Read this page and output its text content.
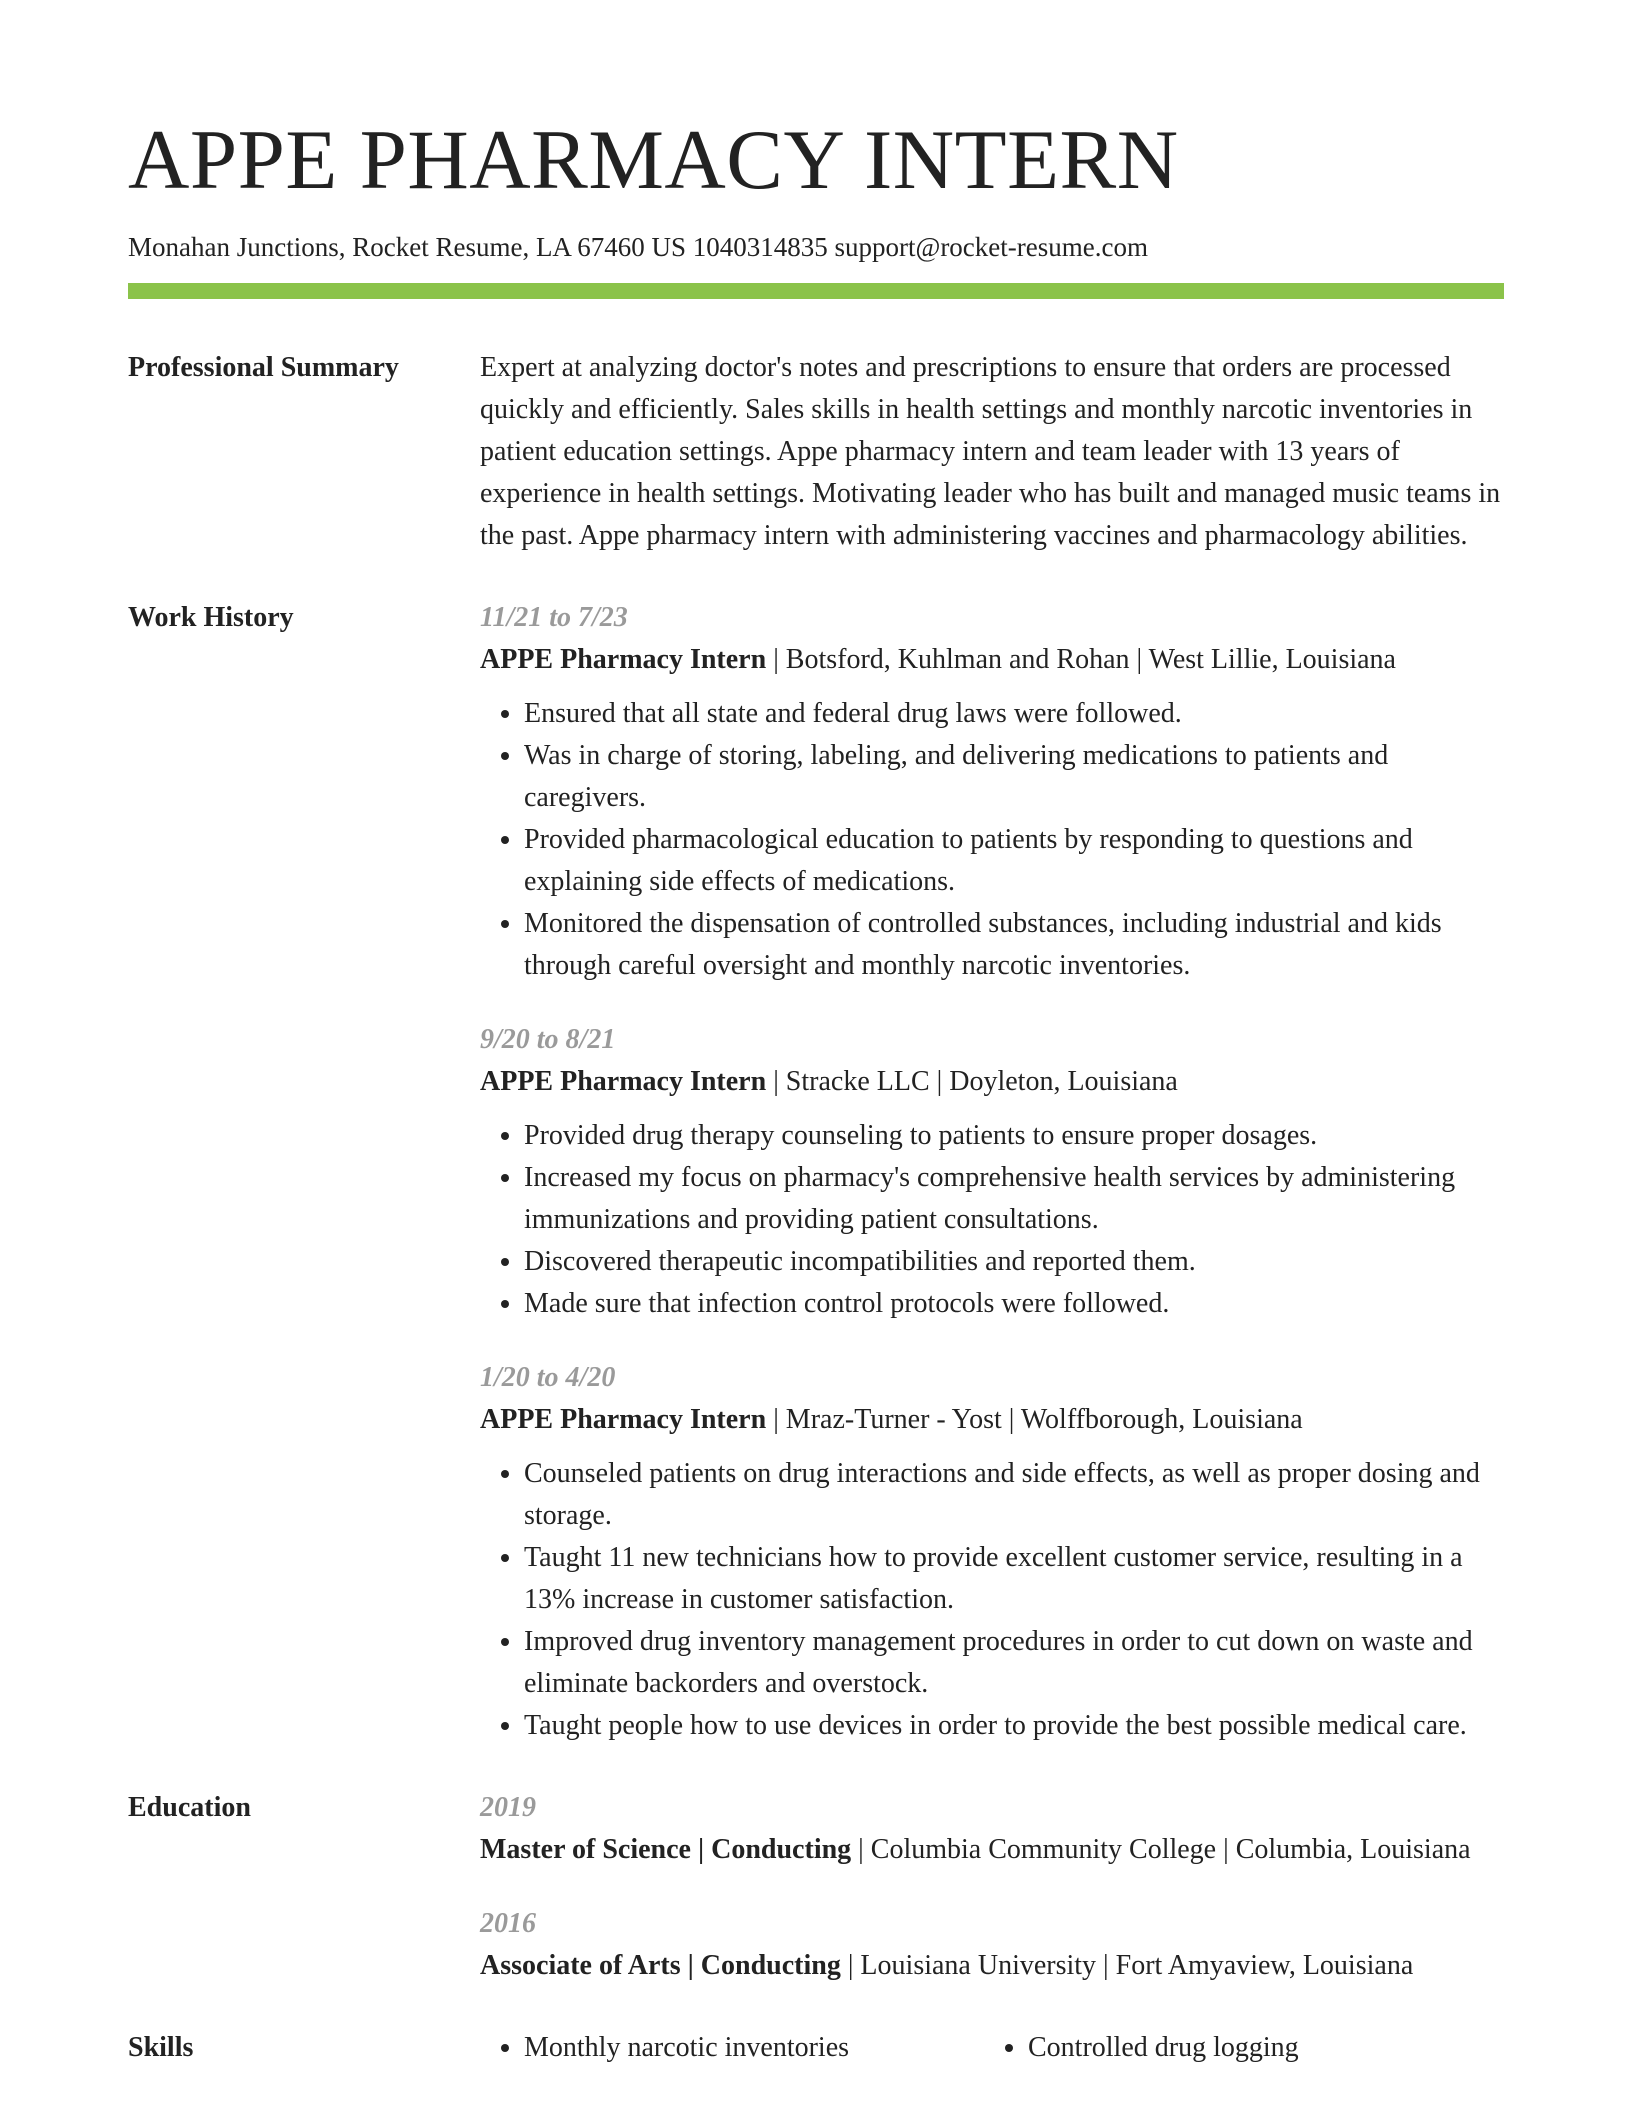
APPE PHARMACY INTERN
Monahan Junctions, Rocket Resume, LA 67460 US 1040314835 support@rocket-resume.com
Professional Summary	Expert at analyzing doctor's notes and prescriptions to ensure that orders are processed quickly and efficiently. Sales skills in health settings and monthly narcotic inventories in patient education settings. Appe pharmacy intern and team leader with 13 years of experience in health settings. Motivating leader who has built and managed music teams in the past. Appe pharmacy intern with administering vaccines and pharmacology abilities.
Work History	11/21 to 7/23
APPE Pharmacy Intern | Botsford, Kuhlman and Rohan | West Lillie, Louisiana
• Ensured that all state and federal drug laws were followed.
• Was in charge of storing, labeling, and delivering medications to patients and caregivers.
• Provided pharmacological education to patients by responding to questions and explaining side effects of medications.
• Monitored the dispensation of controlled substances, including industrial and kids through careful oversight and monthly narcotic inventories.
9/20 to 8/21
APPE Pharmacy Intern | Stracke LLC | Doyleton, Louisiana
• Provided drug therapy counseling to patients to ensure proper dosages.
• Increased my focus on pharmacy's comprehensive health services by administering immunizations and providing patient consultations.
• Discovered therapeutic incompatibilities and reported them.
• Made sure that infection control protocols were followed.
1/20 to 4/20
APPE Pharmacy Intern | Mraz-Turner - Yost | Wolffborough, Louisiana
• Counseled patients on drug interactions and side effects, as well as proper dosing and storage.
• Taught 11 new technicians how to provide excellent customer service, resulting in a 13% increase in customer satisfaction.
• Improved drug inventory management procedures in order to cut down on waste and eliminate backorders and overstock.
• Taught people how to use devices in order to provide the best possible medical care.
Education	2019
Master of Science | Conducting | Columbia Community College | Columbia, Louisiana
2016
Associate of Arts | Conducting | Louisiana University | Fort Amyaview, Louisiana
Skills	• Monthly narcotic inventories	• Controlled drug logging
